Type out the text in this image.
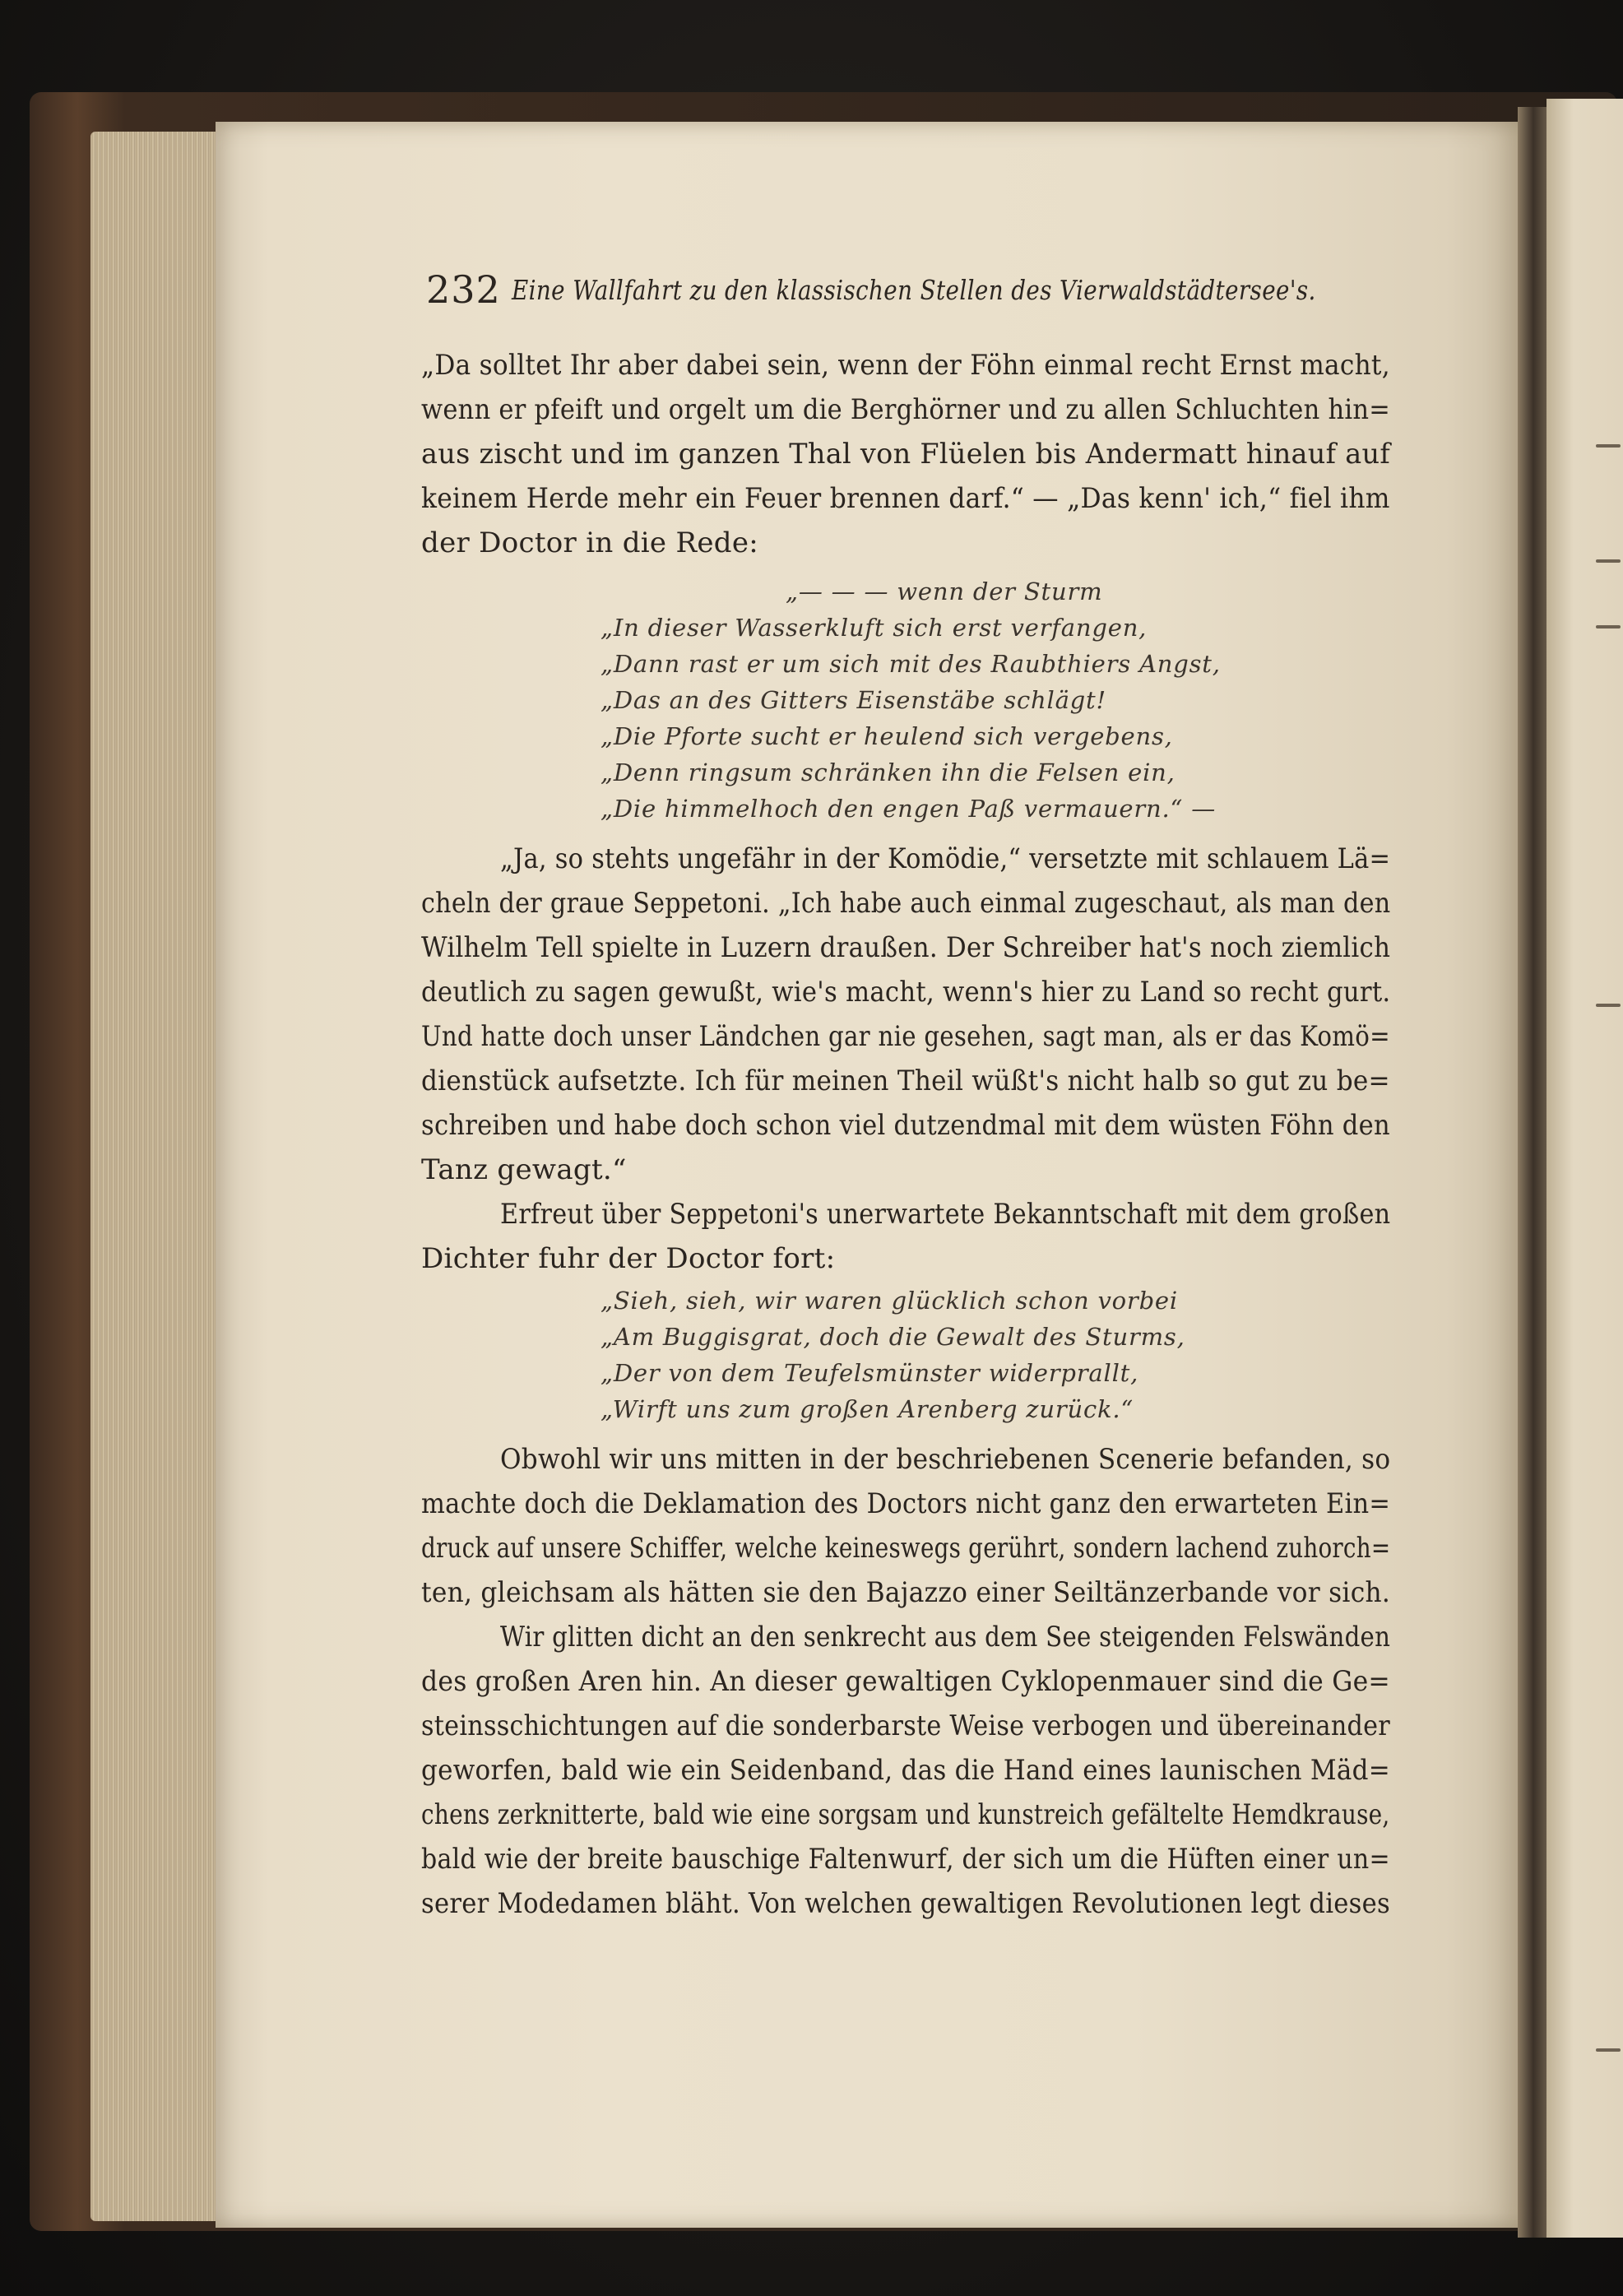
232 Eine Wallfahrt zu den klassischen Stellen des Vierwaldstädtersee's.
„Da solltet Ihr aber dabei sein, wenn der Föhn einmal recht Ernst macht,
wenn er pfeift und orgelt um die Berghörner und zu allen Schluchten hin=
aus zischt und im ganzen Thal von Flüelen bis Andermatt hinauf auf
keinem Herde mehr ein Feuer brennen darf.“ — „Das kenn' ich,“ fiel ihm
der Doctor in die Rede:
„— — — wenn der Sturm
„In dieser Wasserkluft sich erst verfangen,
„Dann rast er um sich mit des Raubthiers Angst,
„Das an des Gitters Eisenstäbe schlägt!
„Die Pforte sucht er heulend sich vergebens,
„Denn ringsum schränken ihn die Felsen ein,
„Die himmelhoch den engen Paß vermauern.“ —
„Ja, so stehts ungefähr in der Komödie,“ versetzte mit schlauem Lä=
cheln der graue Seppetoni. „Ich habe auch einmal zugeschaut, als man den
Wilhelm Tell spielte in Luzern draußen. Der Schreiber hat's noch ziemlich
deutlich zu sagen gewußt, wie's macht, wenn's hier zu Land so recht gurt.
Und hatte doch unser Ländchen gar nie gesehen, sagt man, als er das Komö=
dienstück aufsetzte. Ich für meinen Theil wüßt's nicht halb so gut zu be=
schreiben und habe doch schon viel dutzendmal mit dem wüsten Föhn den
Tanz gewagt.“
Erfreut über Seppetoni's unerwartete Bekanntschaft mit dem großen
Dichter fuhr der Doctor fort:
„Sieh, sieh, wir waren glücklich schon vorbei
„Am Buggisgrat, doch die Gewalt des Sturms,
„Der von dem Teufelsmünster widerprallt,
„Wirft uns zum großen Arenberg zurück.“
Obwohl wir uns mitten in der beschriebenen Scenerie befanden, so
machte doch die Deklamation des Doctors nicht ganz den erwarteten Ein=
druck auf unsere Schiffer, welche keineswegs gerührt, sondern lachend zuhorch=
ten, gleichsam als hätten sie den Bajazzo einer Seiltänzerbande vor sich.
Wir glitten dicht an den senkrecht aus dem See steigenden Felswänden
des großen Aren hin. An dieser gewaltigen Cyklopenmauer sind die Ge=
steinsschichtungen auf die sonderbarste Weise verbogen und übereinander
geworfen, bald wie ein Seidenband, das die Hand eines launischen Mäd=
chens zerknitterte, bald wie eine sorgsam und kunstreich gefältelte Hemdkrause,
bald wie der breite bauschige Faltenwurf, der sich um die Hüften einer un=
serer Modedamen bläht. Von welchen gewaltigen Revolutionen legt dieses
